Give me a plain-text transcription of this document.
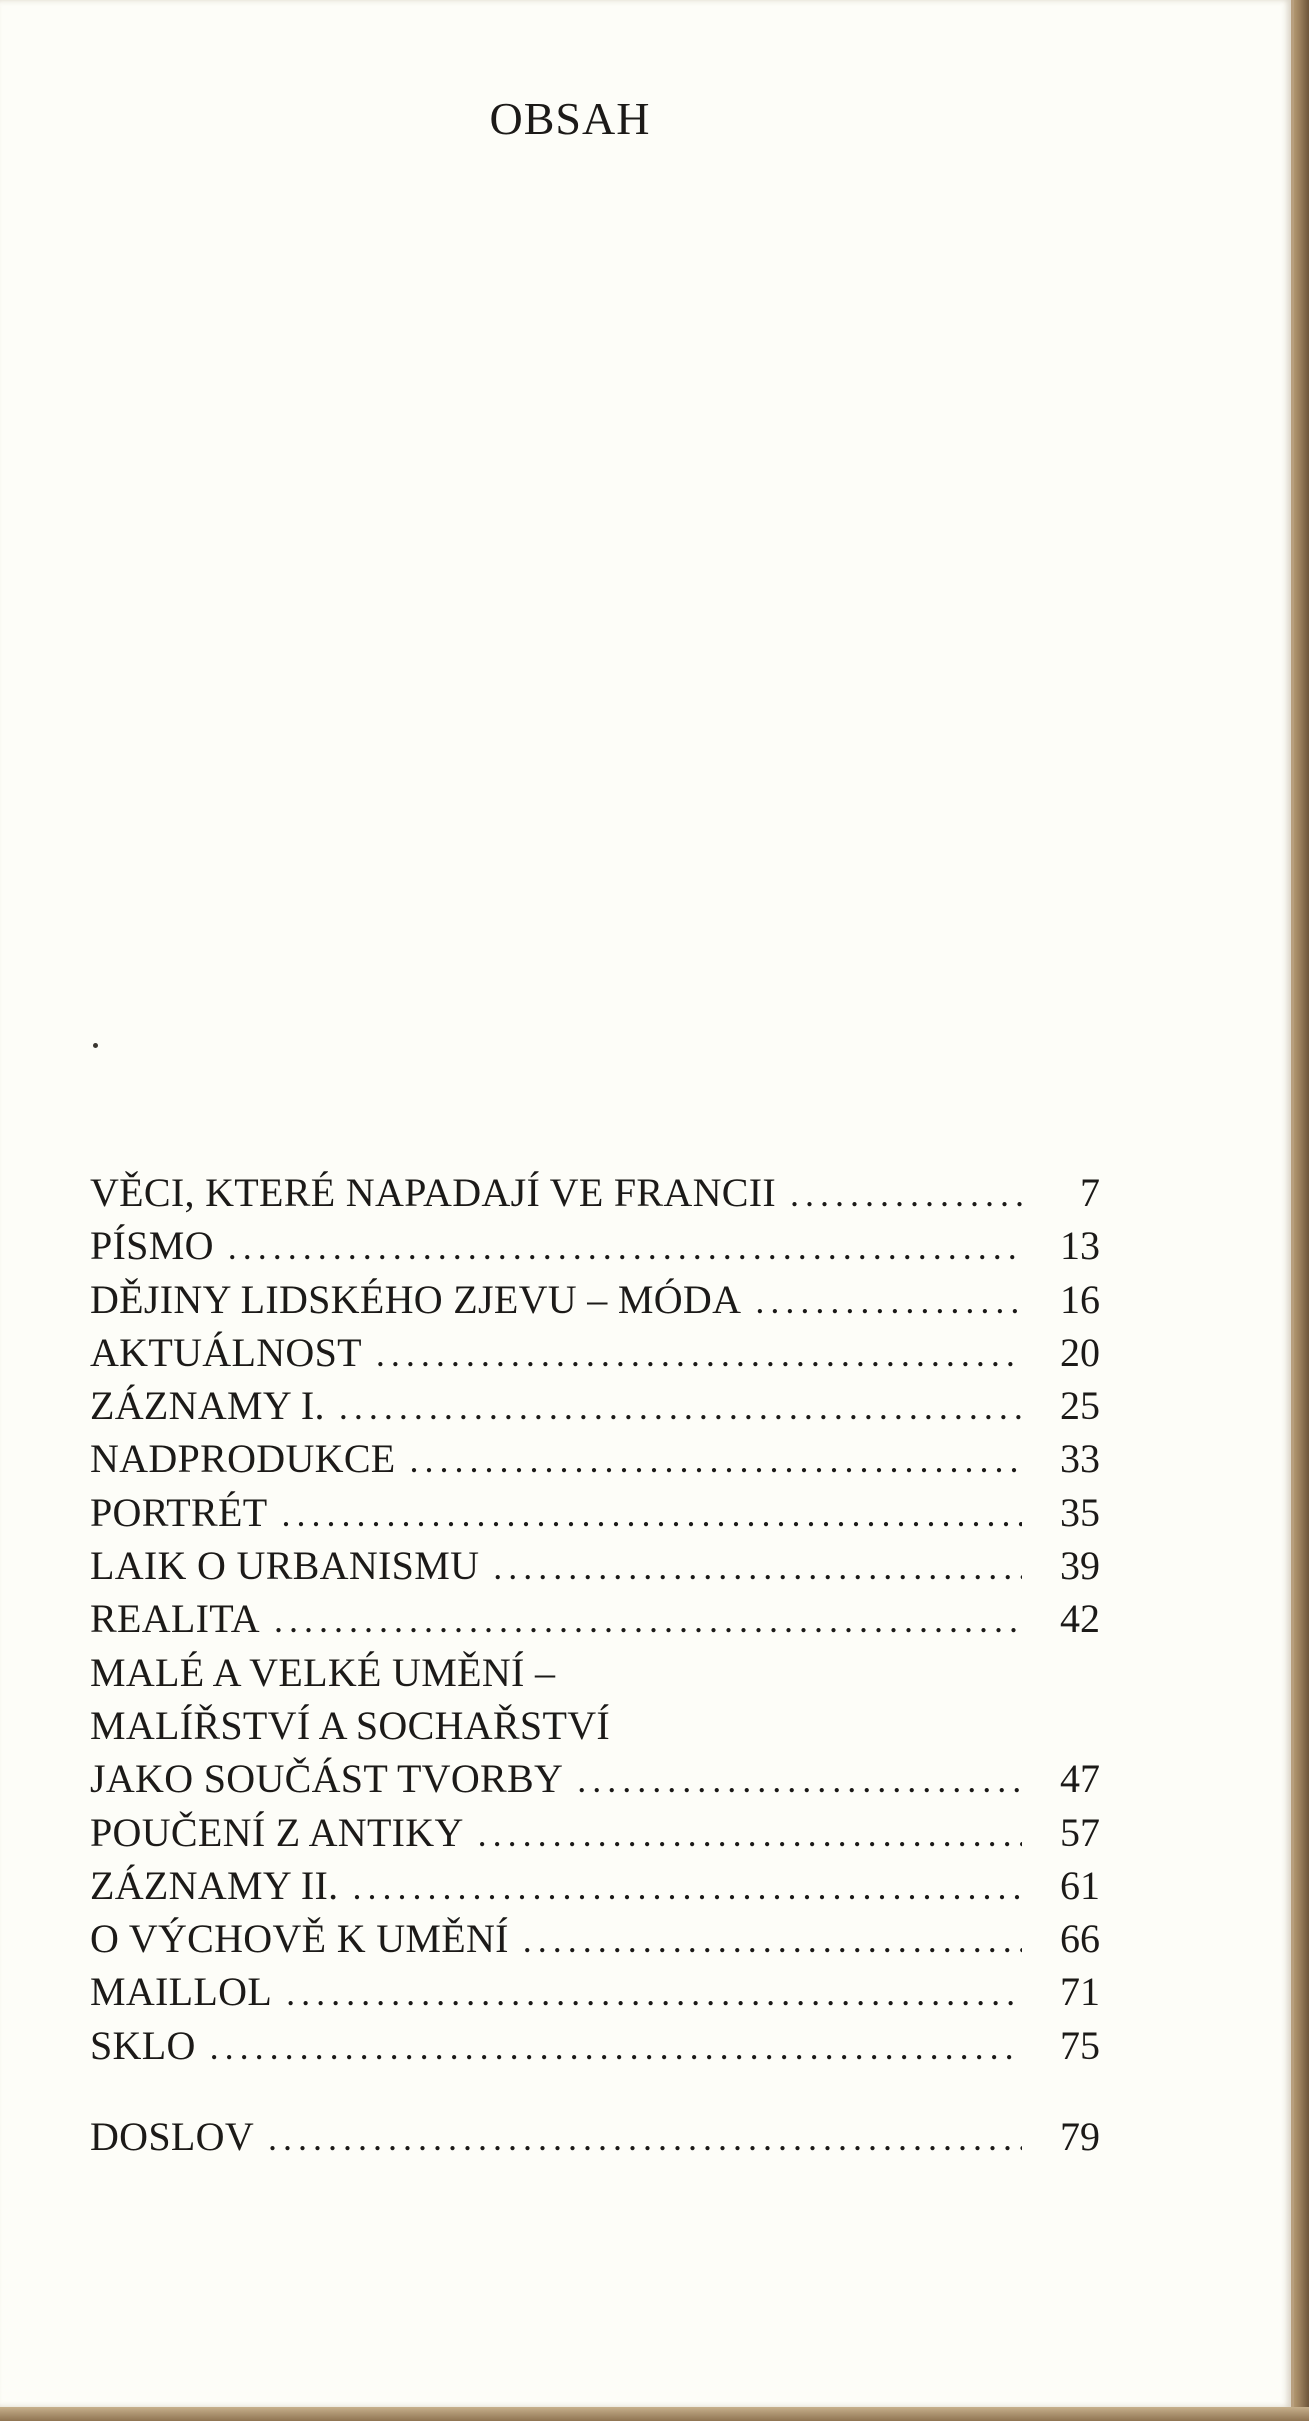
OBSAH
VĚCI, KTERÉ NAPADAJÍ VE FRANCII .....	7
PÍSMO .....	13
DĚJINY LIDSKÉHO ZJEVU – MÓDA .....	16
AKTUÁLNOST .....	20
ZÁZNAMY I. .....	25
NADPRODUKCE .....	33
PORTRÉT .....	35
LAIK O URBANISMU .....	39
REALITA .....	42
MALÉ A VELKÉ UMĚNÍ –
MALÍŘSTVÍ A SOCHAŘSTVÍ
JAKO SOUČÁST TVORBY .....	47
POUČENÍ Z ANTIKY .....	57
ZÁZNAMY II. .....	61
O VÝCHOVĚ K UMĚNÍ .....	66
MAILLOL .....	71
SKLO .....	75
DOSLOV .....	79
